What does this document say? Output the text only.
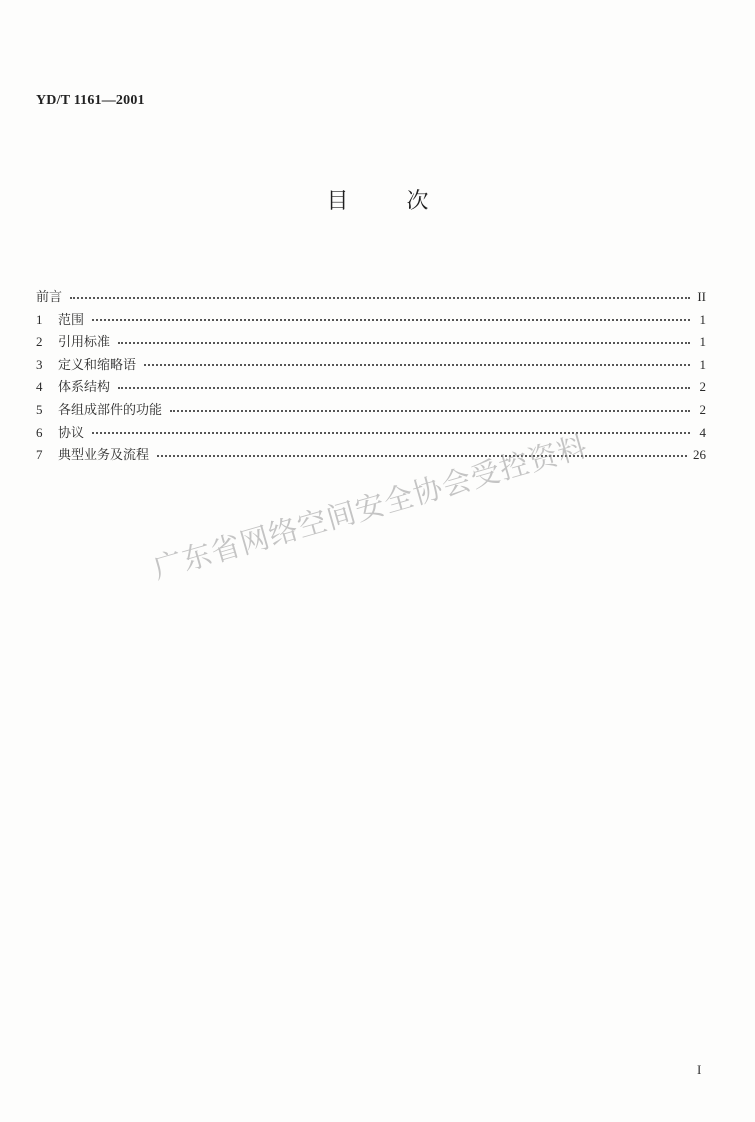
YD/T 1161—2001
目	次
前言	II
1	范围	1
2	引用标准	1
3	定义和缩略语	1
4	体系结构	2
5	各组成部件的功能	2
6	协议	4
7	典型业务及流程	26
广东省网络空间安全协会受控资料
I
